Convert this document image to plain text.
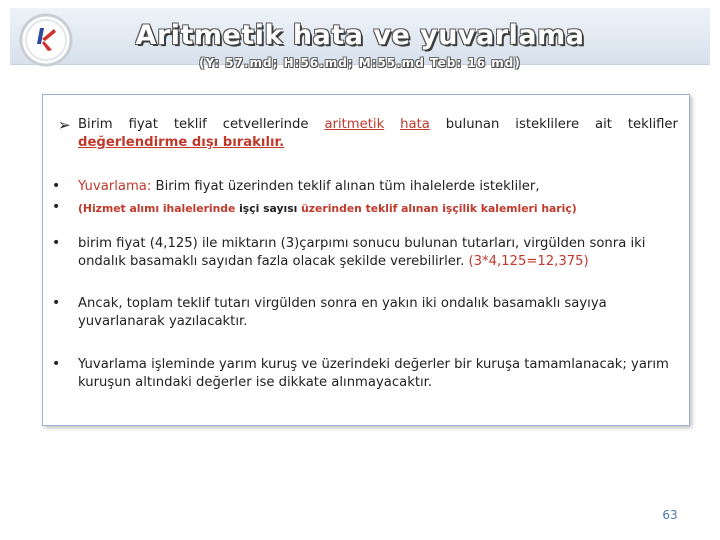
Aritmetik hata ve yuvarlama
(Y: 57.md; H:56.md; M:55.md Teb: 16 md)
➢ Birim fiyat teklif cetvellerinde aritmetik hata bulunan isteklilere ait teklifler
değerlendirme dışı bırakılır.
• Yuvarlama: Birim fiyat üzerinden teklif alınan tüm ihalelerde istekliler,
• (Hizmet alımı ihalelerinde işçi sayısı üzerinden teklif alınan işçilik kalemleri hariç)
• birim fiyat (4,125) ile miktarın (3)çarpımı sonucu bulunan tutarları, virgülden sonra iki ondalık basamaklı sayıdan fazla olacak şekilde verebilirler. (3*4,125=12,375)
• Ancak, toplam teklif tutarı virgülden sonra en yakın iki ondalık basamaklı sayıya yuvarlanarak yazılacaktır.
• Yuvarlama işleminde yarım kuruş ve üzerindeki değerler bir kuruşa tamamlanacak; yarım kuruşun altındaki değerler ise dikkate alınmayacaktır.
63
